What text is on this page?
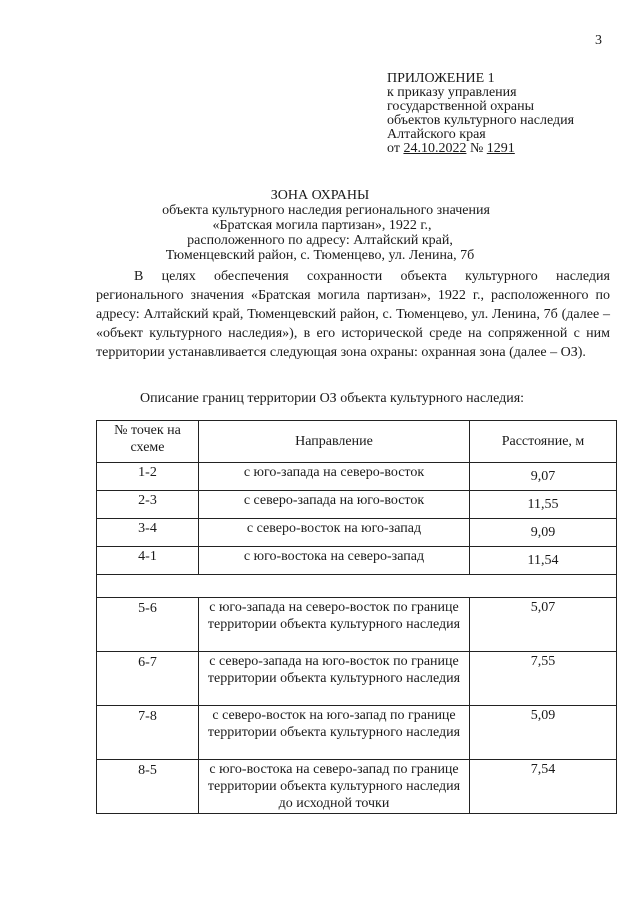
3
ПРИЛОЖЕНИЕ 1
к приказу управления
государственной охраны
объектов культурного наследия
Алтайского края
от 24.10.2022 № 1291
ЗОНА ОХРАНЫ
объекта культурного наследия регионального значения
«Братская могила партизан», 1922 г.,
расположенного по адресу: Алтайский край,
Тюменцевский район, с. Тюменцево, ул. Ленина, 7б

В целях обеспечения сохранности объекта культурного наследия регионального значения «Братская могила партизан», 1922 г., расположенного по адресу: Алтайский край, Тюменцевский район, с. Тюменцево, ул. Ленина, 7б (далее – «объект культурного наследия»), в его исторической среде на сопряженной с ним территории устанавливается следующая зона охраны: охранная зона (далее – ОЗ).

Описание границ территории ОЗ объекта культурного наследия:
№ точек на схеме	Направление	Расстояние, м
1-2	с юго-запада на северо-восток	9,07
2-3	с северо-запада на юго-восток	11,55
3-4	с северо-восток на юго-запад	9,09
4-1	с юго-востока на северо-запад	11,54

5-6	с юго-запада на северо-восток по границе территории объекта культурного наследия	5,07
6-7	с северо-запада на юго-восток по границе территории объекта культурного наследия	7,55
7-8	с северо-восток на юго-запад по границе территории объекта культурного наследия	5,09
8-5	с юго-востока на северо-запад по границе территории объекта культурного наследия до исходной точки	7,54
